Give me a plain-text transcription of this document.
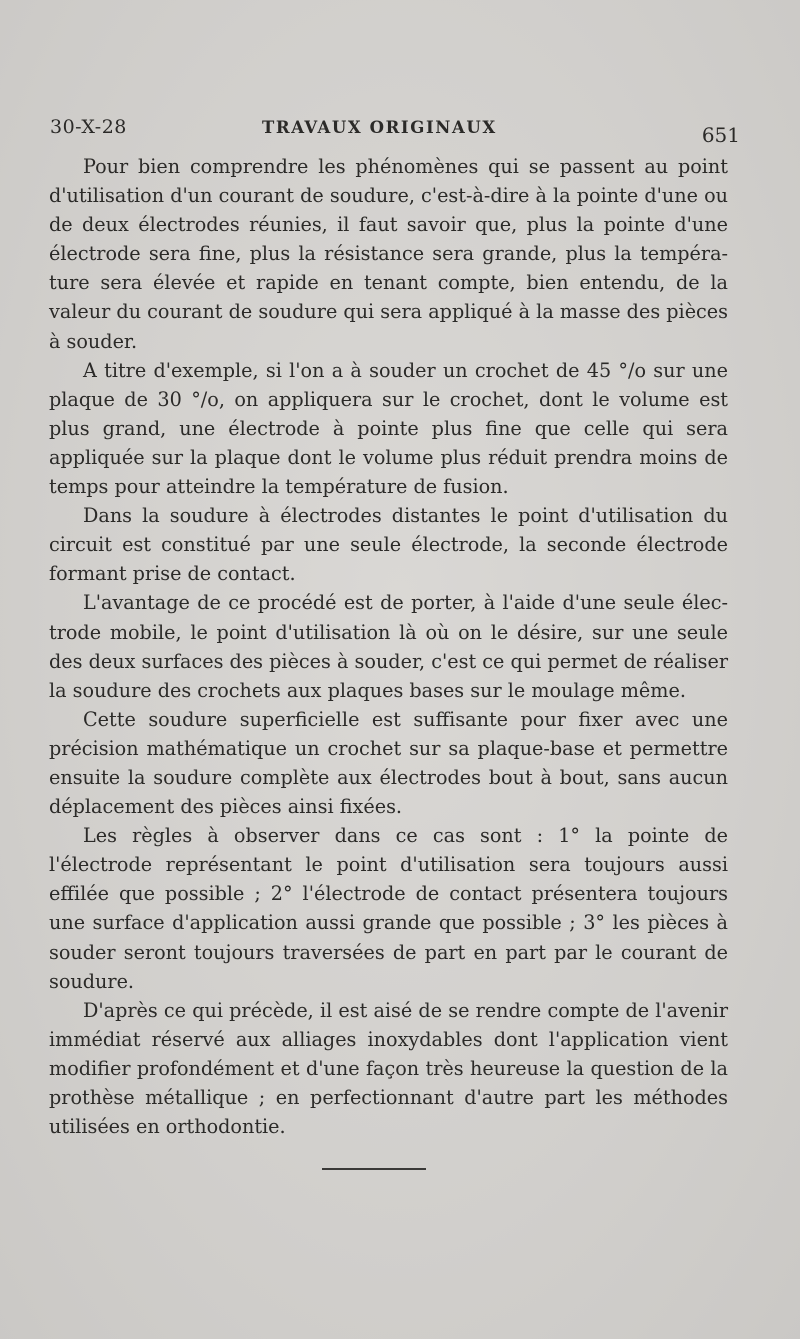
30-X-28	TRAVAUX ORIGINAUX	651

Pour bien comprendre les phénomènes qui se passent au point d'utilisation d'un courant de soudure, c'est-à-dire à la pointe d'une ou de deux électrodes réunies, il faut savoir que, plus la pointe d'une électrode sera fine, plus la résistance sera grande, plus la tempéra- ture sera élevée et rapide en tenant compte, bien entendu, de la valeur du courant de soudure qui sera appliqué à la masse des pièces à souder.

A titre d'exemple, si l'on a à souder un crochet de 45 °/o sur une plaque de 30 °/o, on appliquera sur le crochet, dont le volume est plus grand, une électrode à pointe plus fine que celle qui sera appliquée sur la plaque dont le volume plus réduit prendra moins de temps pour atteindre la température de fusion.

Dans la soudure à électrodes distantes le point d'utilisation du circuit est constitué par une seule électrode, la seconde électrode formant prise de contact.

L'avantage de ce procédé est de porter, à l'aide d'une seule élec- trode mobile, le point d'utilisation là où on le désire, sur une seule des deux surfaces des pièces à souder, c'est ce qui permet de réaliser la soudure des crochets aux plaques bases sur le moulage même.

Cette soudure superficielle est suffisante pour fixer avec une précision mathématique un crochet sur sa plaque-base et permettre ensuite la soudure complète aux électrodes bout à bout, sans aucun déplacement des pièces ainsi fixées.

Les règles à observer dans ce cas sont : 1° la pointe de l'électrode représentant le point d'utilisation sera toujours aussi effilée que possible ; 2° l'électrode de contact présentera toujours une surface d'application aussi grande que possible ; 3° les pièces à souder seront toujours traversées de part en part par le courant de soudure.

D'après ce qui précède, il est aisé de se rendre compte de l'avenir immédiat réservé aux alliages inoxydables dont l'application vient modifier profondément et d'une façon très heureuse la question de la prothèse métallique ; en perfectionnant d'autre part les méthodes utilisées en orthodontie.
